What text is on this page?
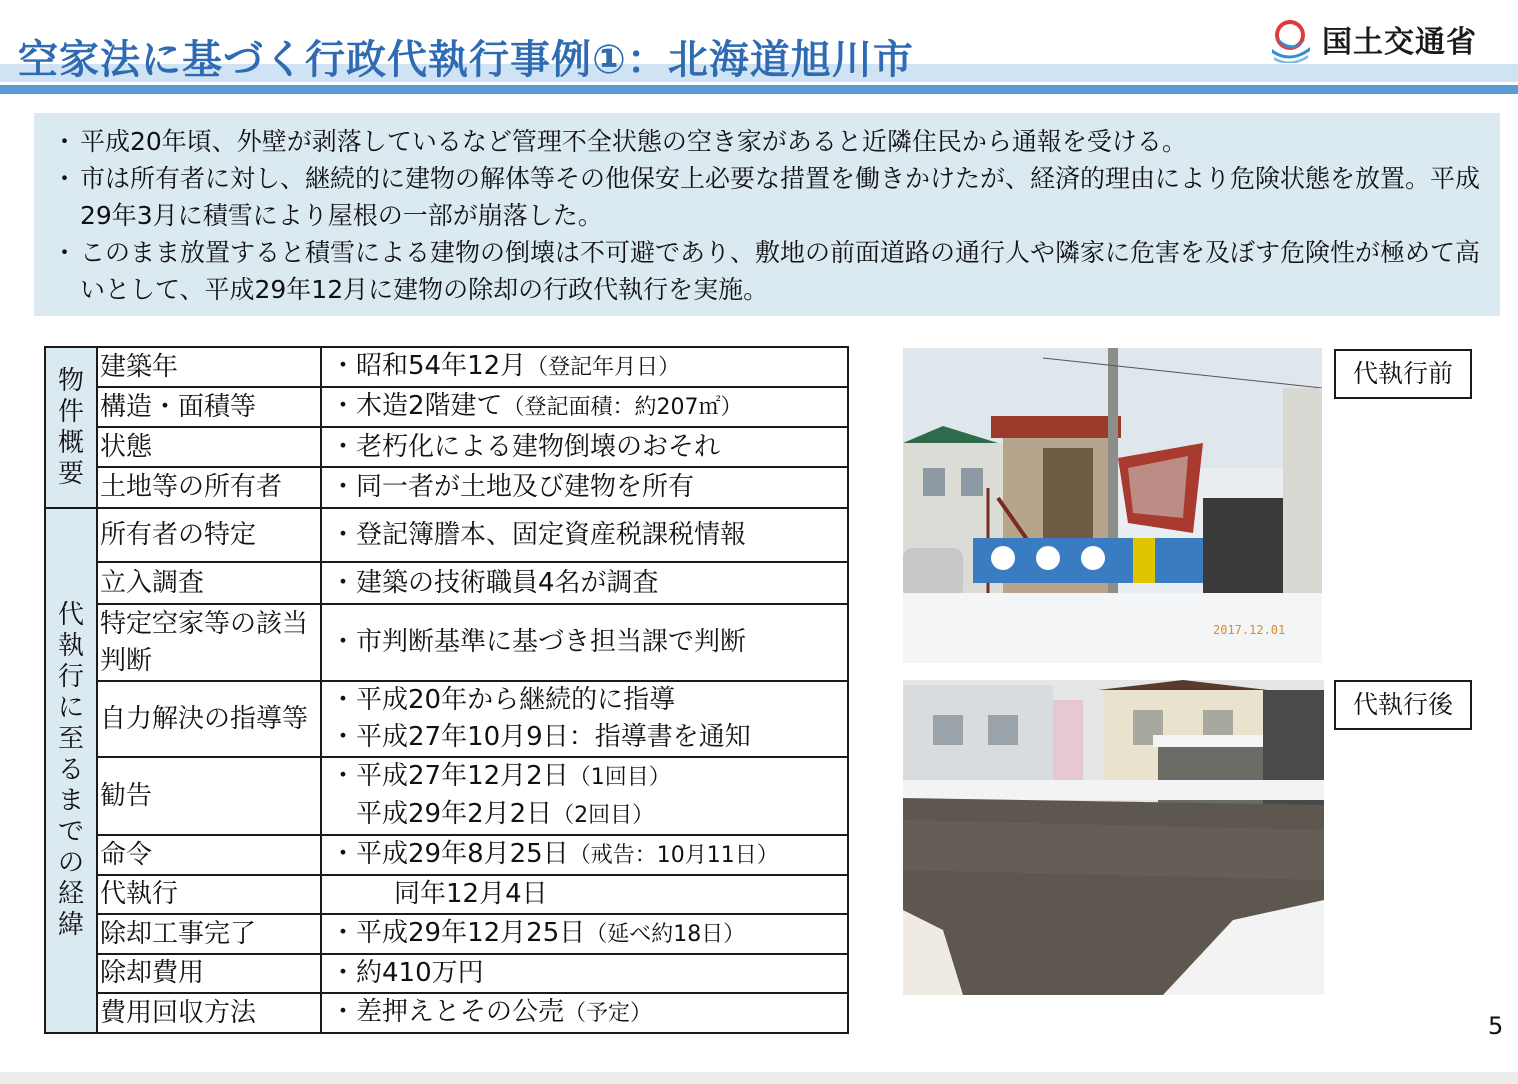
空家法に基づく行政代執行事例①：北海道旭川市	国土交通省
・ 平成20年頃、外壁が剥落しているなど管理不全状態の空き家があると近隣住民から通報を受ける。
・ 市は所有者に対し、継続的に建物の解体等その他保安上必要な措置を働きかけたが、経済的理由により危険状態を放置。平成29年3月に積雪により屋根の一部が崩落した。
・ このまま放置すると積雪による建物の倒壊は不可避であり、敷地の前面道路の通行人や隣家に危害を及ぼす危険性が極めて高いとして、平成29年12月に建物の除却の行政代執行を実施。
物件概要	建築年	・昭和54年12月（登記年月日）
	構造・面積等	・木造2階建て（登記面積：約207㎡）
	状態	・老朽化による建物倒壊のおそれ
	土地等の所有者	・同一者が土地及び建物を所有
代執行に至るまでの経緯	所有者の特定	・登記簿謄本、固定資産税課税情報
	立入調査	・建築の技術職員4名が調査
	特定空家等の該当判断	・市判断基準に基づき担当課で判断
	自力解決の指導等	・平成20年から継続的に指導
・平成27年10月9日：指導書を通知

	勧告	・平成27年12月2日（1回目）
平成29年2月2日（2回目）

	命令	・平成29年8月25日（戒告：10月11日）
	代執行	同年12月4日
	除却工事完了	・平成29年12月25日（延べ約18日）
	除却費用	・約410万円
	費用回収方法	・差押えとその公売（予定）
2017.12.01
代執行前
代執行後
5
